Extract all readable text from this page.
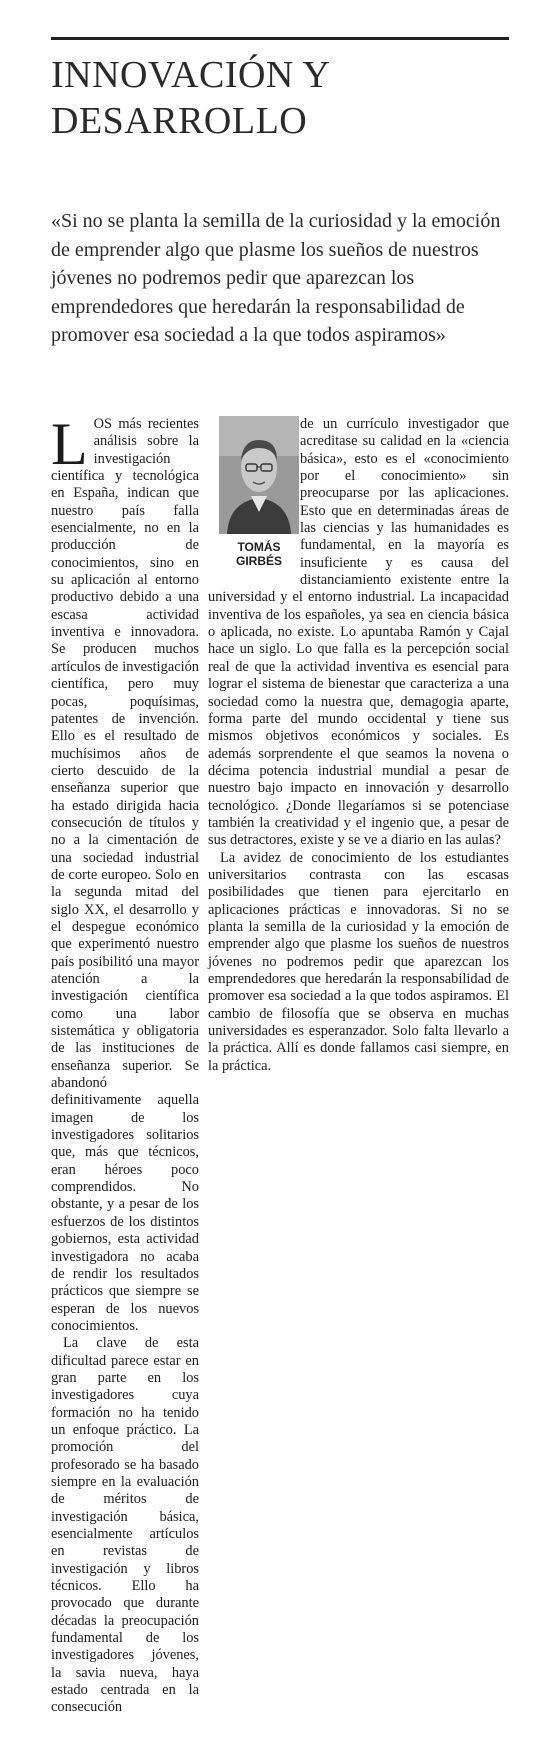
INNOVACIÓN Y DESARROLLO

«Si no se planta la semilla de la curiosidad y la emoción de emprender algo que plasme los sueños de nuestros jóvenes no podremos pedir que aparezcan los emprendedores que heredarán la responsabilidad de promover esa sociedad a la que todos aspiramos»

LOS más recientes análisis sobre la investigación científica y tecnológica en España, indican que nuestro país falla esencialmente, no en la producción de conocimientos, sino en su aplicación al entorno productivo debido a una escasa actividad inventiva e innovadora. Se producen muchos artículos de investigación científica, pero muy pocas, poquísimas, patentes de invención. Ello es el resultado de muchísimos años de cierto descuido de la enseñanza superior que ha estado dirigida hacia consecución de títulos y no a la cimentación de una sociedad industrial de corte europeo. Solo en la segunda mitad del siglo XX, el desarrollo y el despegue económico que experimentó nuestro país posibilitó una mayor atención a la investigación científica como una labor sistemática y obligatoria de las instituciones de enseñanza superior. Se abandonó definitivamente aquella imagen de los investigadores solitarios que, más que técnicos, eran héroes poco comprendidos. No obstante, y a pesar de los esfuerzos de los distintos gobiernos, esta actividad investigadora no acaba de rendir los resultados prácticos que siempre se esperan de los nuevos conocimientos.

La clave de esta dificultad parece estar en gran parte en los investigadores cuya formación no ha tenido un enfoque práctico. La promoción del profesorado se ha basado siempre en la evaluación de méritos de investigación básica, esencialmente artículos en revistas de investigación y libros técnicos. Ello ha provocado que durante décadas la preocupación fundamental de los investigadores jóvenes, la savia nueva, haya estado centrada en la consecución

TOMÁS
GIRBÉS

de un currículo investigador que acreditase su calidad en la «ciencia básica», esto es el «conocimiento por el conocimiento» sin preocuparse por las aplicaciones. Esto que en determinadas áreas de las ciencias y las humanidades es fundamental, en la mayoría es insuficiente y es causa del distanciamiento existente entre la universidad y el entorno industrial. La incapacidad inventiva de los españoles, ya sea en ciencia básica o aplicada, no existe. Lo apuntaba Ramón y Cajal hace un siglo. Lo que falla es la percepción social real de que la actividad inventiva es esencial para lograr el sistema de bienestar que caracteriza a una sociedad como la nuestra que, demagogia aparte, forma parte del mundo occidental y tiene sus mismos objetivos económicos y sociales. Es además sorprendente el que seamos la novena o décima potencia industrial mundial a pesar de nuestro bajo impacto en innovación y desarrollo tecnológico. ¿Donde llegaríamos si se potenciase también la creatividad y el ingenio que, a pesar de sus detractores, existe y se ve a diario en las aulas?

La avidez de conocimiento de los estudiantes universitarios contrasta con las escasas posibilidades que tienen para ejercitarlo en aplicaciones prácticas e innovadoras. Si no se planta la semilla de la curiosidad y la emoción de emprender algo que plasme los sueños de nuestros jóvenes no podremos pedir que aparezcan los emprendedores que heredarán la responsabilidad de promover esa sociedad a la que todos aspiramos. El cambio de filosofía que se observa en muchas universidades es esperanzador. Solo falta llevarlo a la práctica. Allí es donde fallamos casi siempre, en la práctica.
